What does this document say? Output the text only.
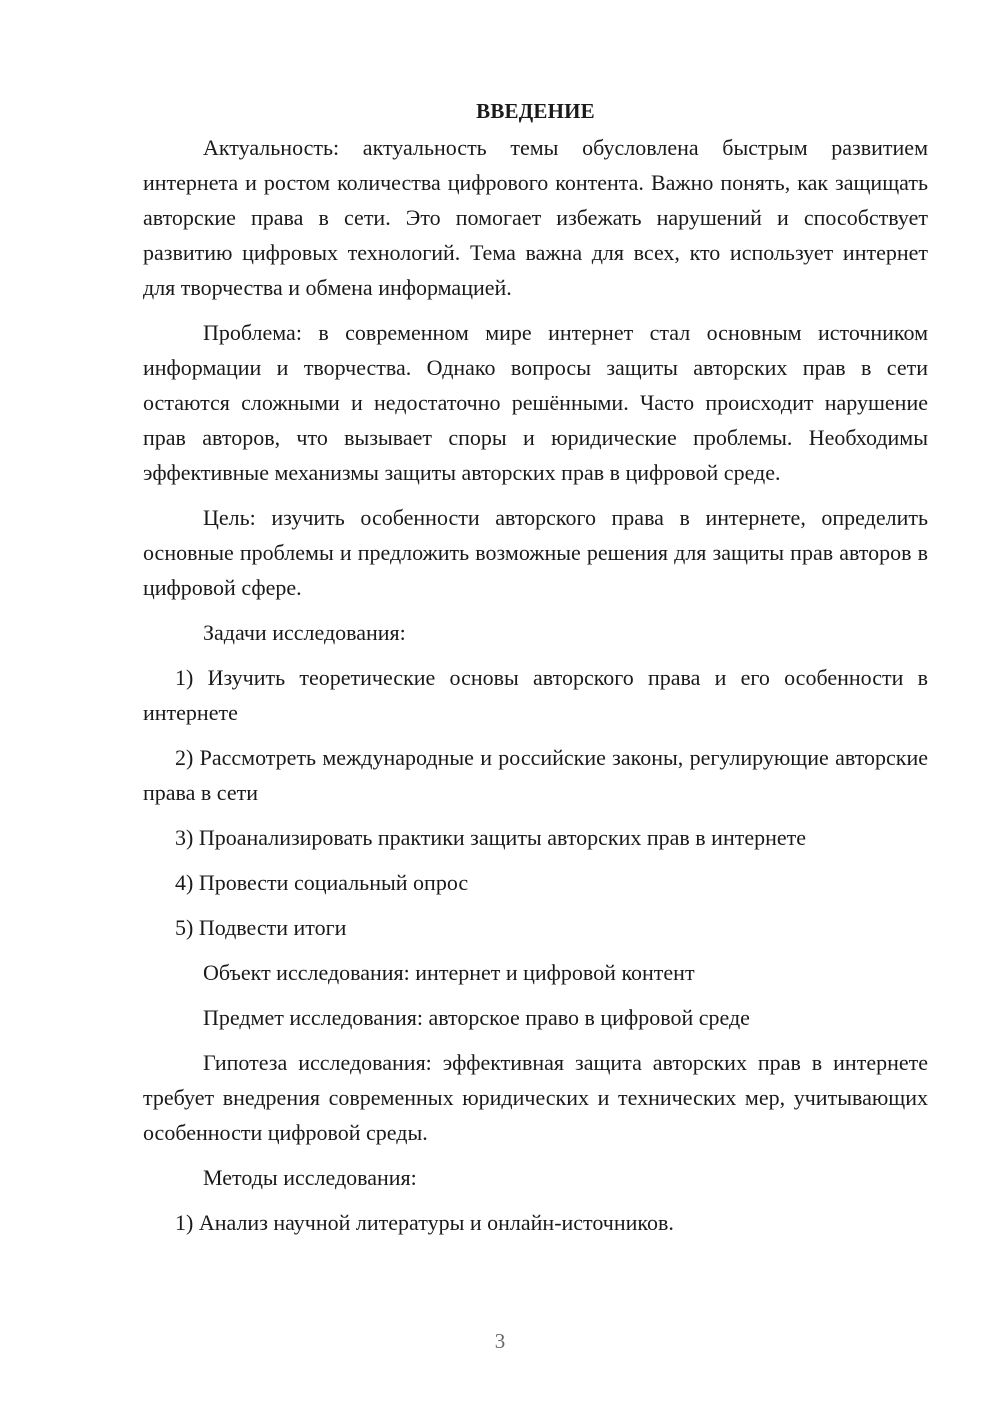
ВВЕДЕНИЕ

Актуальность: актуальность темы обусловлена быстрым развитием интернета и ростом количества цифрового контента. Важно понять, как защищать авторские права в сети. Это помогает избежать нарушений и способствует развитию цифровых технологий. Тема важна для всех, кто использует интернет для творчества и обмена информацией.

Проблема: в современном мире интернет стал основным источником информации и творчества. Однако вопросы защиты авторских прав в сети остаются сложными и недостаточно решёнными. Часто происходит нарушение прав авторов, что вызывает споры и юридические проблемы. Необходимы эффективные механизмы защиты авторских прав в цифровой среде.

Цель: изучить особенности авторского права в интернете, определить основные проблемы и предложить возможные решения для защиты прав авторов в цифровой сфере.

Задачи исследования:

1) Изучить теоретические основы авторского права и его особенности в интернете

2) Рассмотреть международные и российские законы, регулирующие авторские права в сети

3) Проанализировать практики защиты авторских прав в интернете

4) Провести социальный опрос

5) Подвести итоги

Объект исследования: интернет и цифровой контент

Предмет исследования: авторское право в цифровой среде

Гипотеза исследования: эффективная защита авторских прав в интернете требует внедрения современных юридических и технических мер, учитывающих особенности цифровой среды.

Методы исследования:

1) Анализ научной литературы и онлайн-источников.

3
